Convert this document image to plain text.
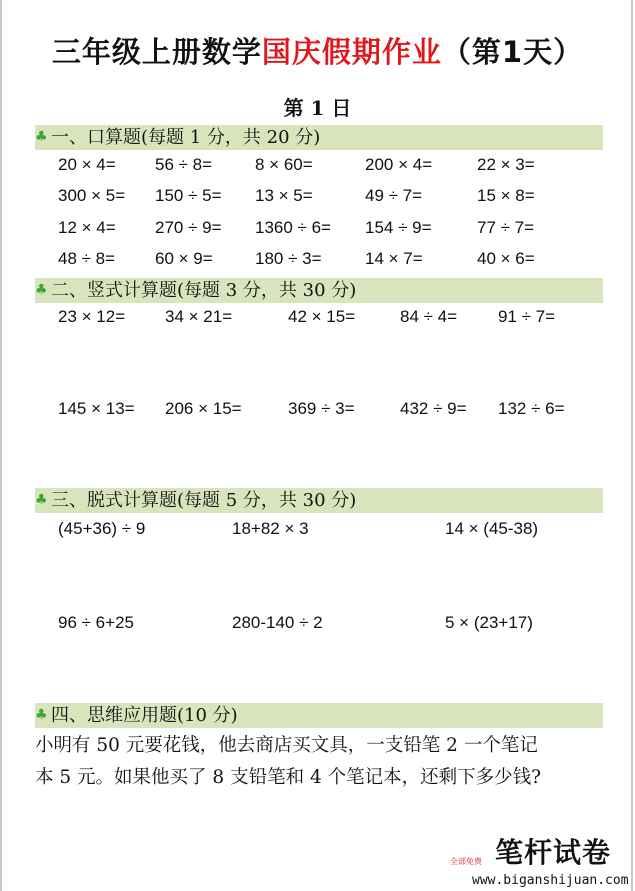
三年级上册数学国庆假期作业（第1天）
第 1 日
♣ 一、口算题(每题 1 分，共 20 分)
♣ 二、竖式计算题(每题 3 分，共 30 分)
♣ 三、脱式计算题(每题 5 分，共 30 分)
♣ 四、思维应用题(10 分)
小明有 50 元要花钱，他去商店买文具，一支铅笔 2 一个笔记
本 5 元。如果他买了 8 支铅笔和 4 个笔记本，还剩下多少钱?
全部免费 笔杆试卷
www.biganshijuan.com
20 × 4= 56 ÷ 8=	8 × 60=	200 × 4=	22 × 3=
300 × 5= 150 ÷ 5= 13 × 5=	49 ÷ 7=	15 × 8=
12 × 4= 270 ÷ 9= 1360 ÷ 6= 154 ÷ 9=	77 ÷ 7=
48 ÷ 8= 60 × 9= 180 ÷ 3=	14 × 7=	40 × 6=
23 × 12= 34 × 21=	42 × 15=	84 ÷ 4= 91 ÷ 7=
145 × 13= 206 × 15=	369 ÷ 3=	432 ÷ 9= 132 ÷ 6=
(45+36) ÷ 9	18+82 × 3	14 × (45-38)
96 ÷ 6+25	280-140 ÷ 2	5 × (23+17)
